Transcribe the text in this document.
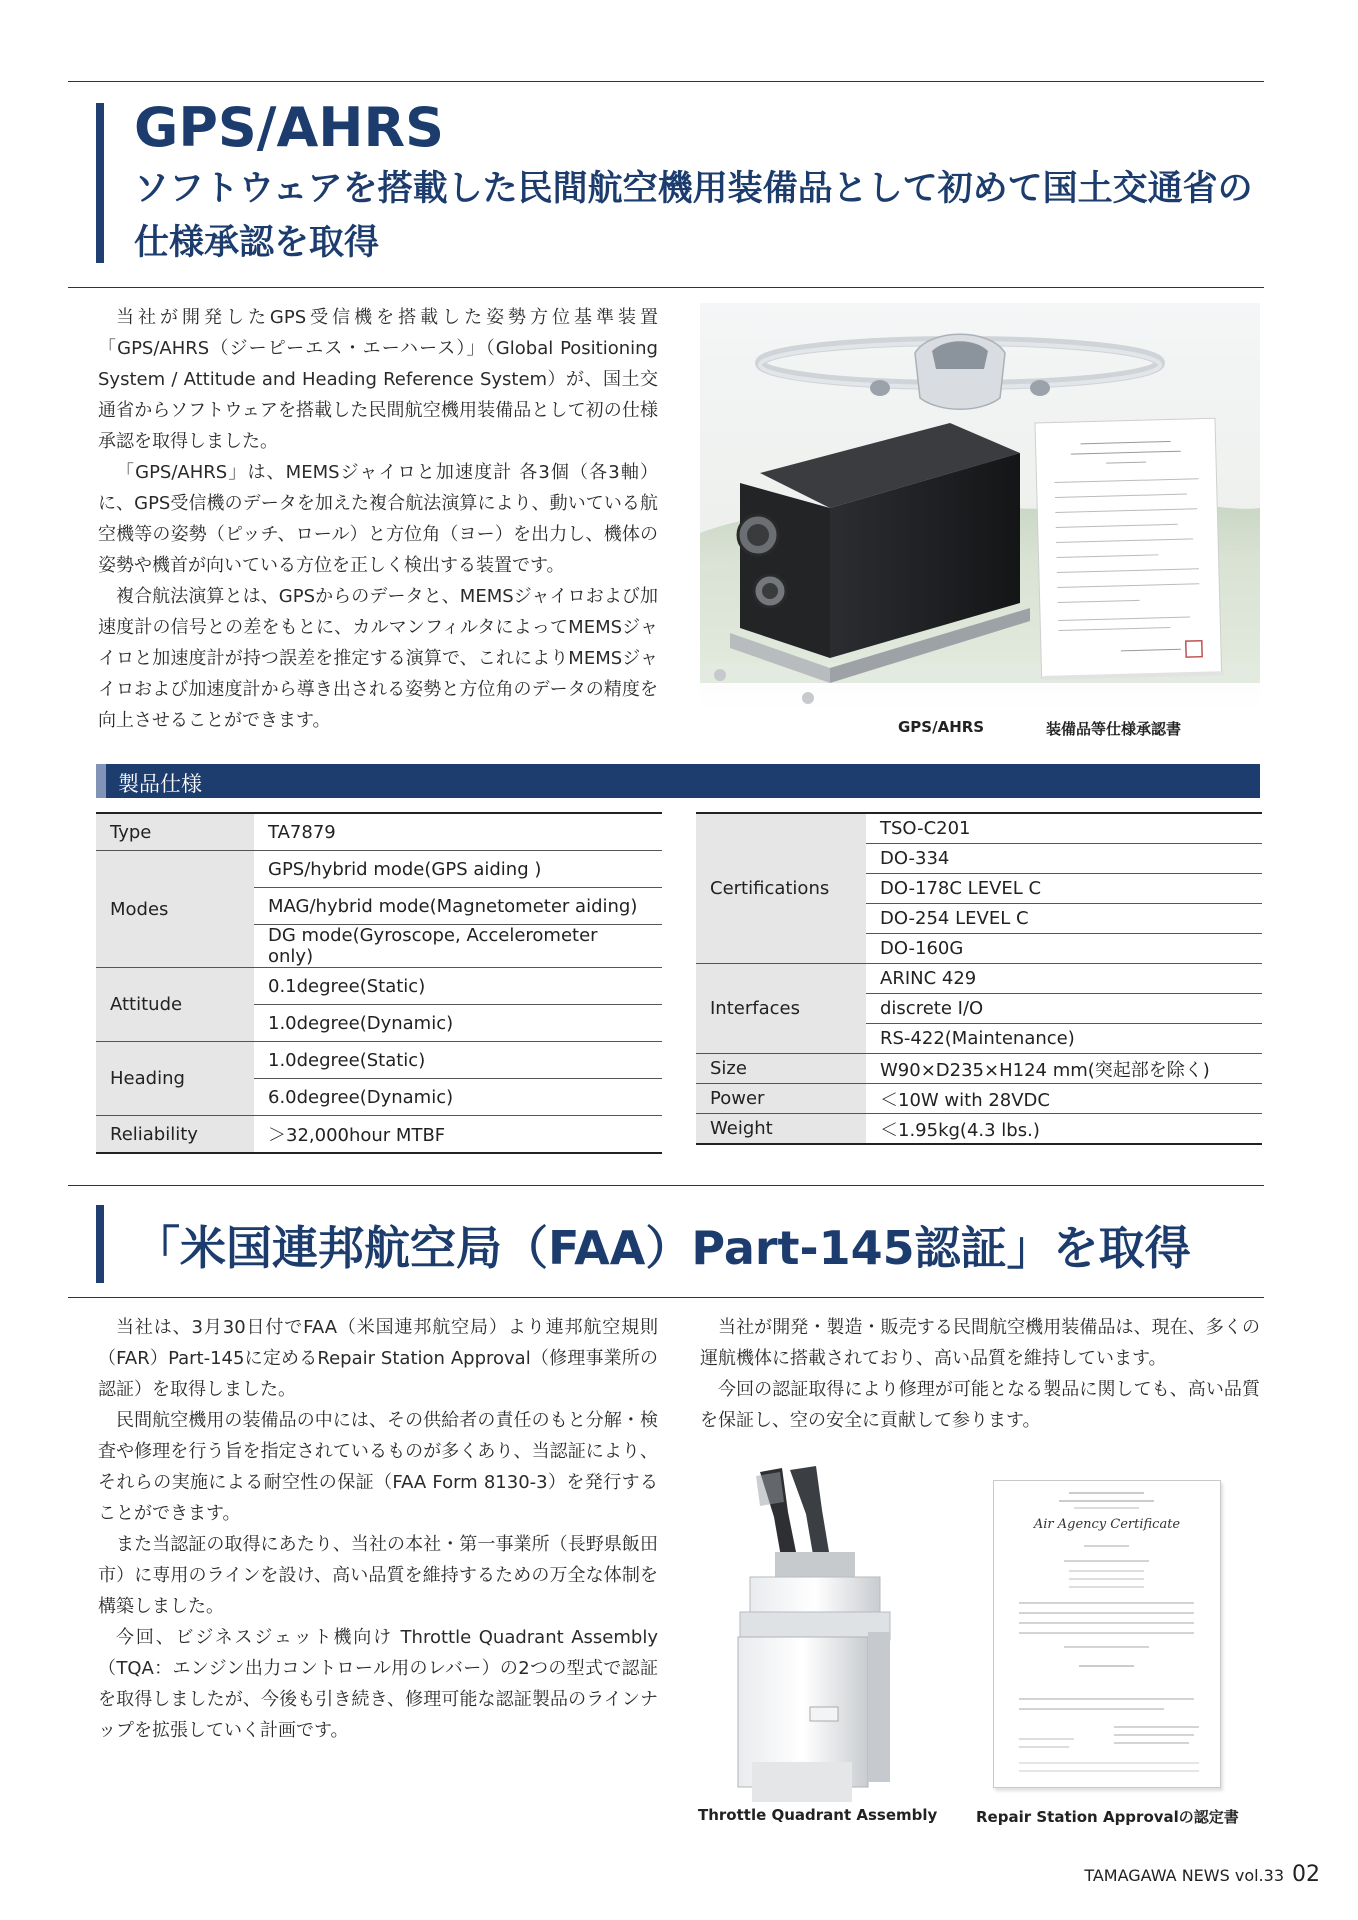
GPS/AHRS
ソフトウェアを搭載した民間航空機用装備品として初めて国土交通省の仕様承認を取得

当社が開発したGPS受信機を搭載した姿勢方位基準装置「GPS/AHRS（ジーピーエス・エーハース）」（Global Positioning System / Attitude and Heading Reference System）が、国土交通省からソフトウェアを搭載した民間航空機用装備品として初の仕様承認を取得しました。

「GPS/AHRS」は、MEMSジャイロと加速度計 各3個（各3軸）に、GPS受信機のデータを加えた複合航法演算により、動いている航空機等の姿勢（ピッチ、ロール）と方位角（ヨー）を出力し、機体の姿勢や機首が向いている方位を正しく検出する装置です。

複合航法演算とは、GPSからのデータと、MEMSジャイロおよび加速度計の信号との差をもとに、カルマンフィルタによってMEMSジャイロと加速度計が持つ誤差を推定する演算で、これによりMEMSジャイロおよび加速度計から導き出される姿勢と方位角のデータの精度を向上させることができます。	GPS/AHRS	装備品等仕様承認書
製品仕様
Type	TA7879
Modes	GPS/hybrid mode(GPS aiding )
	MAG/hybrid mode(Magnetometer aiding)
	DG mode(Gyroscope, Accelerometer only)
Attitude	0.1degree(Static)
	1.0degree(Dynamic)
Heading	1.0degree(Static)
	6.0degree(Dynamic)
Reliability	＞32,000hour MTBF
Certifications	TSO-C201
	DO-334
	DO-178C LEVEL C
	DO-254 LEVEL C
	DO-160G
Interfaces	ARINC 429
	discrete I/O
	RS-422(Maintenance)
Size	W90×D235×H124 mm(突起部を除く)
Power	＜10W with 28VDC
Weight	＜1.95kg(4.3 lbs.)
「米国連邦航空局（FAA）Part-145認証」を取得

当社は、3月30日付でFAA（米国連邦航空局）より連邦航空規則（FAR）Part-145に定めるRepair Station Approval（修理事業所の認証）を取得しました。

民間航空機用の装備品の中には、その供給者の責任のもと分解・検査や修理を行う旨を指定されているものが多くあり、当認証により、それらの実施による耐空性の保証（FAA Form 8130-3）を発行することができます。

また当認証の取得にあたり、当社の本社・第一事業所（長野県飯田市）に専用のラインを設け、高い品質を維持するための万全な体制を構築しました。

今回、ビジネスジェット機向け Throttle Quadrant Assembly（TQA：エンジン出力コントロール用のレバー）の2つの型式で認証を取得しましたが、今後も引き続き、修理可能な認証製品のラインナップを拡張していく計画です。

当社が開発・製造・販売する民間航空機用装備品は、現在、多くの運航機体に搭載されており、高い品質を維持しています。

今回の認証取得により修理が可能となる製品に関しても、高い品質を保証し、空の安全に貢献して参ります。

Air Agency Certificate
Throttle Quadrant Assembly	Repair Station Approvalの認定書
TAMAGAWA NEWS vol.33 02
